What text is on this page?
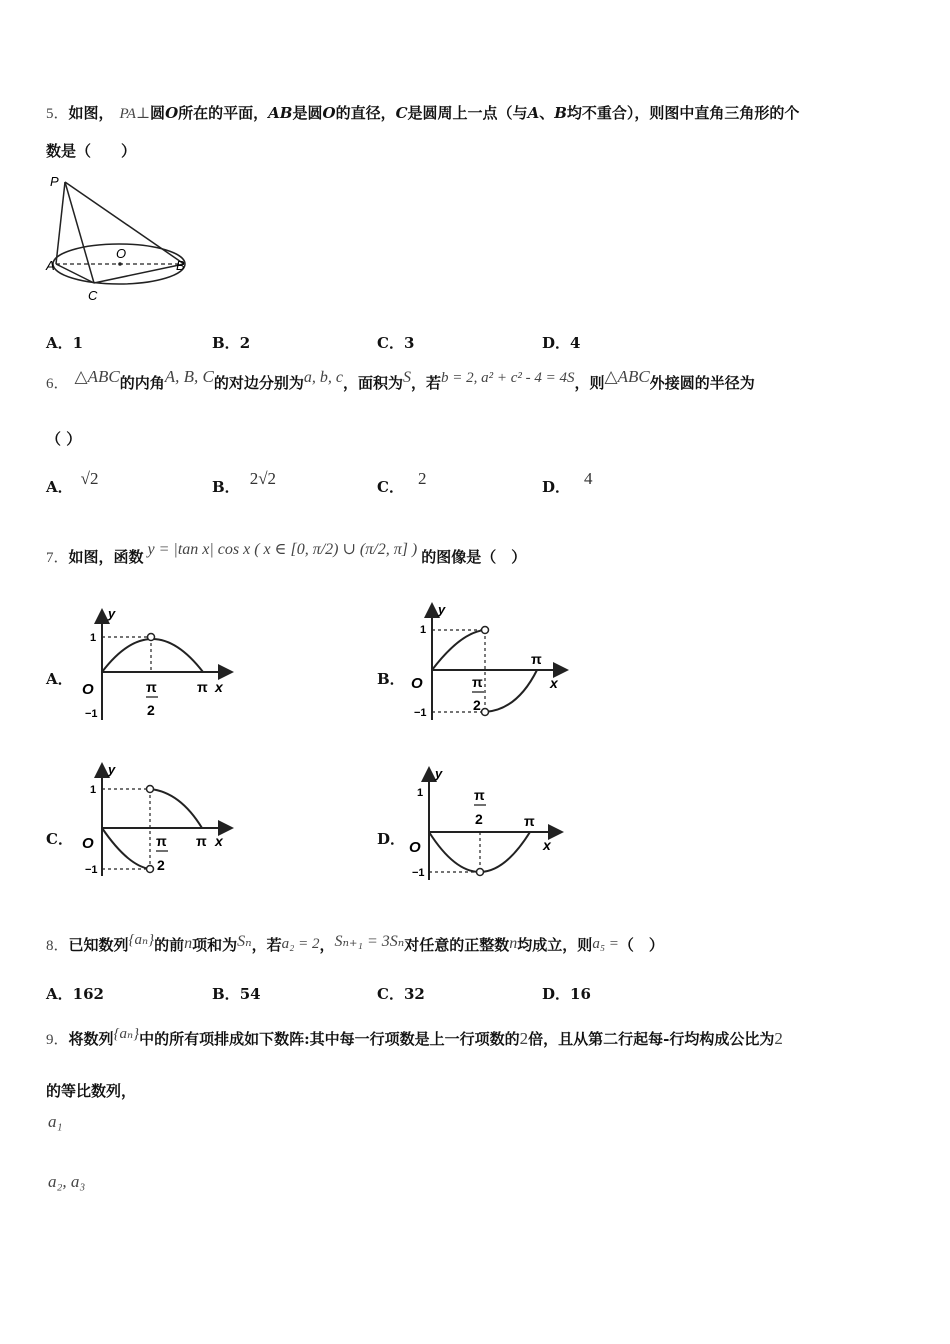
5．如图， PA⊥圆O所在的平面，AB是圆O的直径，C是圆周上一点（与A、B均不重合），则图中直角三角形的个
数是（　　）
P
O
A	B
C
A．1	B．2	C．3	D．4
6． △ABC的内角A, B, C的对边分别为a, b, c，面积为S，若b = 2, a² + c² - 4 = 4S，则△ABC外接圆的半径为
（ ）
A． √2	B． 2√2	C． 2	D． 4
7．如图，函数 y = |tan x| cos x ( x ∈ [0, π/2) ∪ (π/2, π] ) 的图像是（　）
A．
y
1
O
−1
π
2
π x	B．
y
1
O
−1
π
2
π
x
C．
y
1
O
−1
π
2
π x	D．
y
1
O
−1
π
2	π
x
8．已知数列{aₙ}的前n项和为Sₙ，若a₂ = 2，Sₙ₊₁ = 3Sₙ对任意的正整数n均成立，则a₅ =（　）
A．162	B．54	C．32	D．16
9．将数列{aₙ}中的所有项排成如下数阵:其中每一行项数是上一行项数的2倍，且从第二行起每-行均构成公比为2
的等比数列，
a₁
a₂, a₃
